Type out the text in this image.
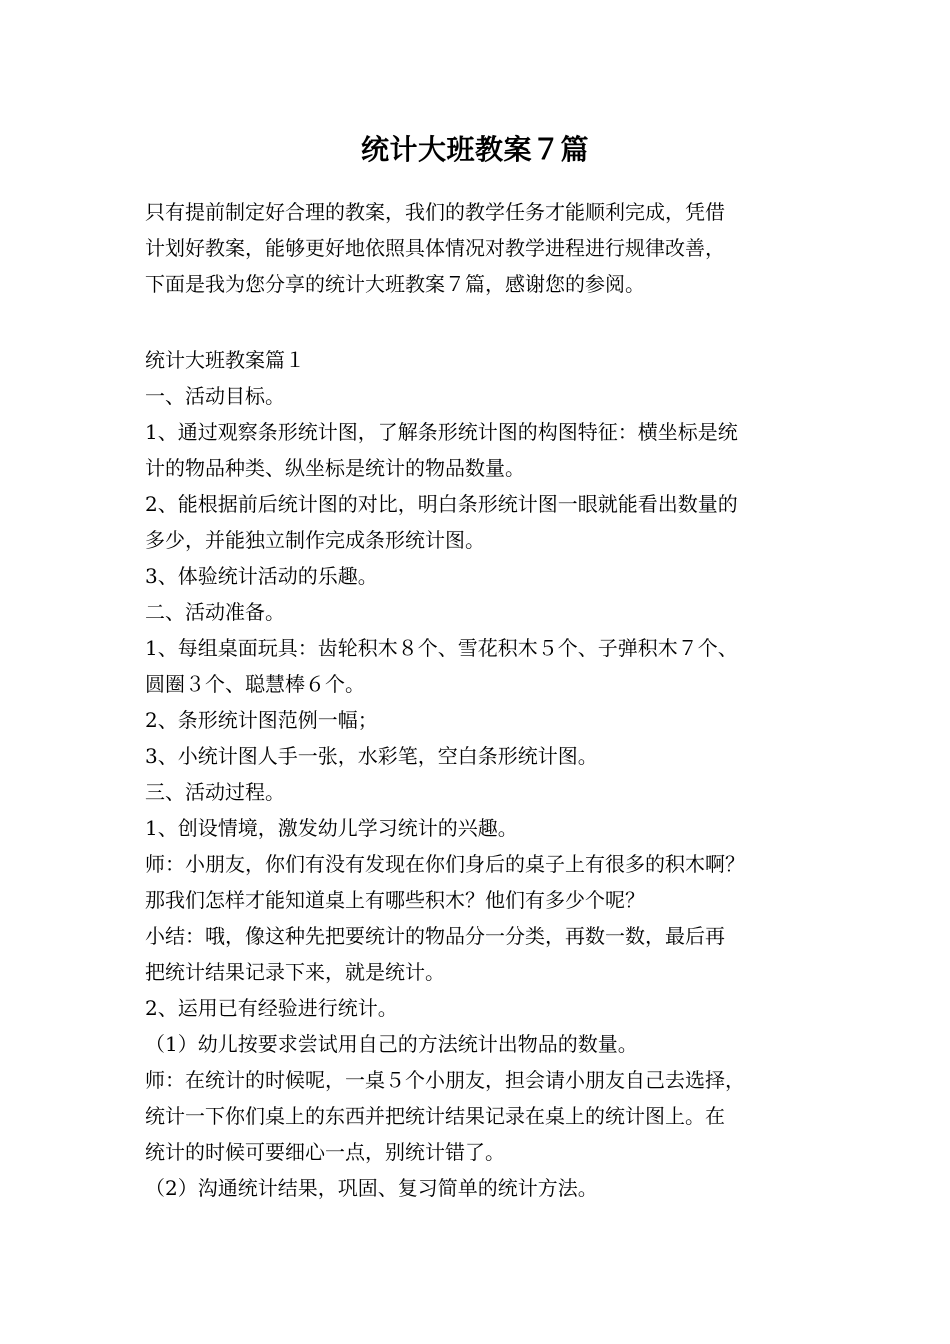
统计大班教案７篇

只有提前制定好合理的教案，我们的教学任务才能顺利完成，凭借

计划好教案，能够更好地依照具体情况对教学进程进行规律改善，

下面是我为您分享的统计大班教案７篇，感谢您的参阅。

统计大班教案篇１

一、活动目标。

1、通过观察条形统计图，了解条形统计图的构图特征：横坐标是统

计的物品种类、纵坐标是统计的物品数量。

2、能根据前后统计图的对比，明白条形统计图一眼就能看出数量的

多少，并能独立制作完成条形统计图。

3、体验统计活动的乐趣。

二、活动准备。

1、每组桌面玩具：齿轮积木８个、雪花积木５个、子弹积木７个、

圆圈３个、聪慧棒６个。

2、条形统计图范例一幅；

3、小统计图人手一张，水彩笔，空白条形统计图。

三、活动过程。

1、创设情境，激发幼儿学习统计的兴趣。

师：小朋友，你们有没有发现在你们身后的桌子上有很多的积木啊？

那我们怎样才能知道桌上有哪些积木？他们有多少个呢？

小结：哦，像这种先把要统计的物品分一分类，再数一数，最后再

把统计结果记录下来，就是统计。

2、运用已有经验进行统计。

（1）幼儿按要求尝试用自己的方法统计出物品的数量。

师：在统计的时候呢，一桌５个小朋友，担会请小朋友自己去选择，

统计一下你们桌上的东西并把统计结果记录在桌上的统计图上。在

统计的时候可要细心一点，别统计错了。

（2）沟通统计结果，巩固、复习简单的统计方法。
